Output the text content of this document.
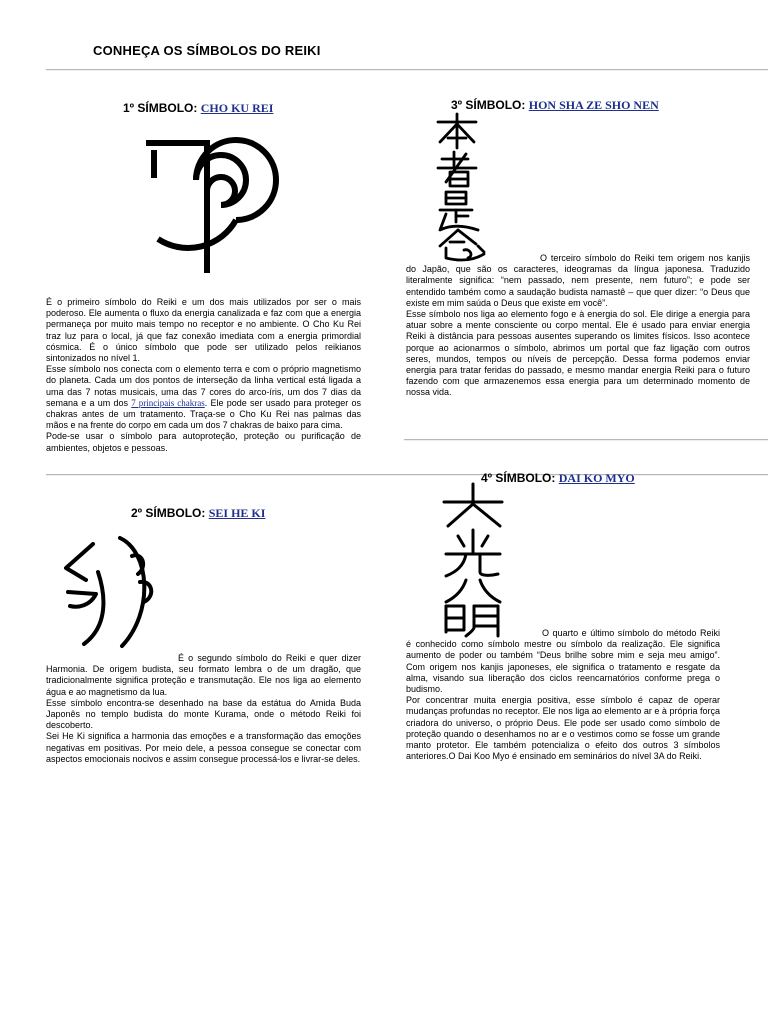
CONHEÇA OS SÍMBOLOS DO REIKI
1º SÍMBOLO: CHO KU REI

É o primeiro símbolo do Reiki e um dos mais utilizados por ser o mais poderoso. Ele aumenta o fluxo da energia canalizada e faz com que a energia permaneça por muito mais tempo no receptor e no ambiente. O Cho Ku Rei traz luz para o local, já que faz conexão imediata com a energia primordial cósmica. É o único símbolo que pode ser utilizado pelos reikianos sintonizados no nível 1.

Esse símbolo nos conecta com o elemento terra e com o próprio magnetismo do planeta. Cada um dos pontos de interseção da linha vertical está ligada a uma das 7 notas musicais, uma das 7 cores do arco-íris, um dos 7 dias da semana e a um dos 7 principais chakras. Ele pode ser usado para proteger os chakras antes de um tratamento. Traça-se o Cho Ku Rei nas palmas das mãos e na frente do corpo em cada um dos 7 chakras de baixo para cima.

Pode-se usar o símbolo para autoproteção, proteção ou purificação de ambientes, objetos e pessoas.

2º SÍMBOLO: SEI HE KI

É o segundo símbolo do Reiki e quer dizer Harmonia. De origem budista, seu formato lembra o de um dragão, que tradicionalmente significa proteção e transmutação. Ele nos liga ao elemento água e ao magnetismo da lua.

Esse símbolo encontra-se desenhado na base da estátua do Amida Buda Japonês no templo budista do monte Kurama, onde o método Reiki foi descoberto.

Sei He Ki significa a harmonia das emoções e a transformação das emoções negativas em positivas. Por meio dele, a pessoa consegue se conectar com aspectos emocionais nocivos e assim consegue processá-los e livrar-se deles.

3º SÍMBOLO: HON SHA ZE SHO NEN

O terceiro símbolo do Reiki tem origem nos kanjis do Japão, que são os caracteres, ideogramas da língua japonesa. Traduzido literalmente significa: “nem passado, nem presente, nem futuro”; e pode ser entendido também como a saudação budista namastê – que quer dizer: “o Deus que existe em mim saúda o Deus que existe em você”.

Esse símbolo nos liga ao elemento fogo e à energia do sol. Ele dirige a energia para atuar sobre a mente consciente ou corpo mental. Ele é usado para enviar energia Reiki à distância para pessoas ausentes superando os limites físicos. Isso acontece porque ao acionarmos o símbolo, abrimos um portal que faz ligação com outros seres, mundos, tempos ou níveis de percepção. Dessa forma podemos enviar energia para tratar feridas do passado, e mesmo mandar energia Reiki para o futuro fazendo com que armazenemos essa energia para um determinado momento de nossa vida.

4º SÍMBOLO: DAI KO MYO

O quarto e último símbolo do método Reiki é conhecido como símbolo mestre ou símbolo da realização. Ele significa aumento de poder ou também “Deus brilhe sobre mim e seja meu amigo”. Com origem nos kanjis japoneses, ele significa o tratamento e resgate da alma, visando sua liberação dos ciclos reencarnatórios conforme prega o budismo.

Por concentrar muita energia positiva, esse símbolo é capaz de operar mudanças profundas no receptor. Ele nos liga ao elemento ar e à própria força criadora do universo, o próprio Deus. Ele pode ser usado como símbolo de proteção quando o desenhamos no ar e o vestimos como se fosse um grande manto protetor. Ele também potencializa o efeito dos outros 3 símbolos anteriores.O Dai Koo Myo é ensinado em seminários do nível 3A do Reiki.
